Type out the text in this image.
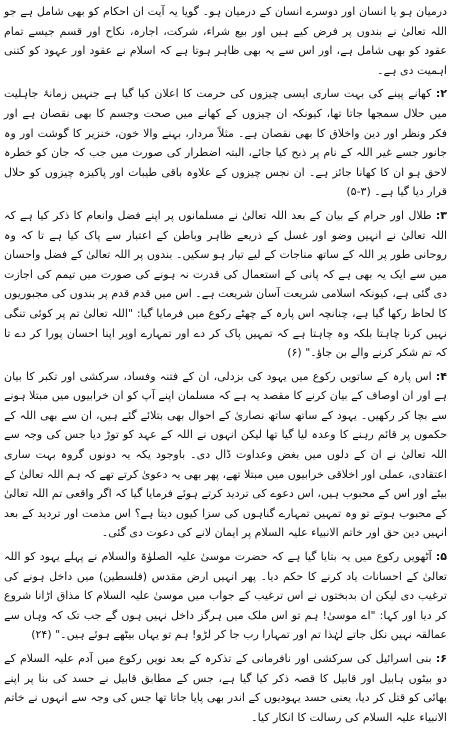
درمیان ہو یا انسان اور دوسرے انسان کے درمیان ہو۔ گویا یہ آیت ان احکام کو بھی شامل ہے جو اللہ تعالیٰ نے بندوں پر فرض کیے ہیں اور بیع شراء، شرکت، اجارہ، نکاح اور قسم جیسے تمام عقود کو بھی شامل ہے، اور اس سے یہ بھی ظاہر ہوتا ہے کہ اسلام نے عقود اور عہود کو کتنی اہمیت دی ہے۔

۲: کھانے پینے کی بہت ساری ایسی چیزوں کی حرمت کا اعلان کیا گیا ہے جنہیں زمانۂ جاہلیت میں حلال سمجھا جاتا تھا، کیونکہ ان چیزوں کے کھانے میں صحت وجسم کا بھی نقصان ہے اور فکر ونظر اور دین واخلاق کا بھی نقصان ہے۔ مثلاً مردار، بہنے والا خون، خنزیر کا گوشت اور وہ جانور جسے غیر اللہ کے نام پر ذبح کیا جائے، البتہ اضطرار کی صورت میں جب کہ جان کو خطرہ لاحق ہو ان کا کھانا جائز ہے۔ ان نجس چیزوں کے علاوہ باقی طیبات اور پاکیزہ چیزوں کو حلال قرار دیا گیا ہے۔ (۳-۵)

۳: طلال اور حرام کے بیان کے بعد اللہ تعالیٰ نے مسلمانوں پر اپنے فضل وانعام کا ذکر کیا ہے کہ اللہ تعالیٰ نے انہیں وضو اور غسل کے ذریعے ظاہر وباطن کے اعتبار سے پاک کیا ہے تا کہ وہ روحانی طور پر اللہ کے ساتھ مناجات کے لیے تیار ہو سکیں۔ بندوں پر اللہ تعالیٰ کے فضل واحسان میں سے ایک یہ بھی ہے کہ پانی کے استعمال کی قدرت نہ ہونے کی صورت میں تیمم کی اجازت دی گئی ہے، کیونکہ اسلامی شریعت آسان شریعت ہے۔ اس میں قدم قدم پر بندوں کی مجبوریوں کا لحاظ رکھا گیا ہے، چنانچہ اس پارہ کے چھٹے رکوع میں فرمایا گیا: "اللہ تعالیٰ تم پر کوئی تنگی نہیں کرنا چاہتا بلکہ وہ چاہتا ہے کہ تمہیں پاک کر دے اور تمہارے اوپر اپنا احسان پورا کر دے تا کہ تم شکر کرنے والے بن جاؤ۔" (۶)

۴: اس پارہ کے ساتویں رکوع میں یہود کی بزدلی، ان کے فتنہ وفساد، سرکشی اور تکبر کا بیان ہے اور ان اوصاف کے بیان کرنے کا مقصد یہ ہے کہ مسلمان اپنے آپ کو ان خرابیوں میں مبتلا ہونے سے بچا کر رکھیں۔ یہود کے ساتھ ساتھ نصاریٰ کے احوال بھی بتلائے گئے ہیں، ان سے بھی اللہ کے حکموں پر قائم رہنے کا وعدہ لیا گیا تھا لیکن انہوں نے اللہ کے عہد کو توڑ دیا جس کی وجہ سے اللہ تعالیٰ نے ان کے دلوں میں بغض وعداوت ڈال دی۔ باوجود یکہ یہ دونوں گروہ بہت ساری اعتقادی، عملی اور اخلاقی خرابیوں میں مبتلا تھے، پھر بھی یہ دعویٰ کرتے تھے کہ ہم اللہ تعالیٰ کے بیٹے اور اس کے محبوب ہیں، اس دعوے کی تردید کرتے ہوئے فرمایا گیا کہ اگر واقعی تم اللہ تعالیٰ کے محبوب ہوتے تو وہ تمہیں تمہارے گناہوں کی سزا کیوں دیتا ہے؟ اس مذمت اور تردید کے بعد انہیں دین حق اور خاتم الانبیاء علیہ السلام پر ایمان لانے کی دعوت دی گئی۔

۵: آٹھویں رکوع میں یہ بتایا گیا ہے کہ حضرت موسیٰ علیہ الصلوٰۃ والسلام نے پہلے یہود کو اللہ تعالیٰ کے احسانات یاد کرنے کا حکم دیا۔ پھر انہیں ارض مقدس (فلسطین) میں داخل ہونے کی ترغیب دی لیکن ان بدبختوں نے اس ترغیب کے جواب میں موسیٰ علیہ السلام کا مذاق اڑانا شروع کر دیا اور کہا: "اے موسیٰ! ہم تو اس ملک میں ہرگز داخل نہیں ہوں گے جب تک کہ وہاں سے عمالقہ نہیں نکل جاتے لہٰذا تم اور تمہارا رب جا کر لڑو! ہم تو یہاں بیٹھے ہوئے ہیں۔" (۲۴)

۶: بنی اسرائیل کی سرکشی اور نافرمانی کے تذکرہ کے بعد نویں رکوع میں آدم علیہ السلام کے دو بیٹوں ہابیل اور قابیل کا قصہ ذکر کیا گیا ہے، جس کے مطابق قابیل نے حسد کی بنا پر اپنے بھائی کو قتل کر دیا، یعنی حسد یہودیوں کے اندر بھی پایا جاتا تھا جس کی وجہ سے انہوں نے خاتم الانبیاء علیہ السلام کی رسالت کا انکار کیا۔
